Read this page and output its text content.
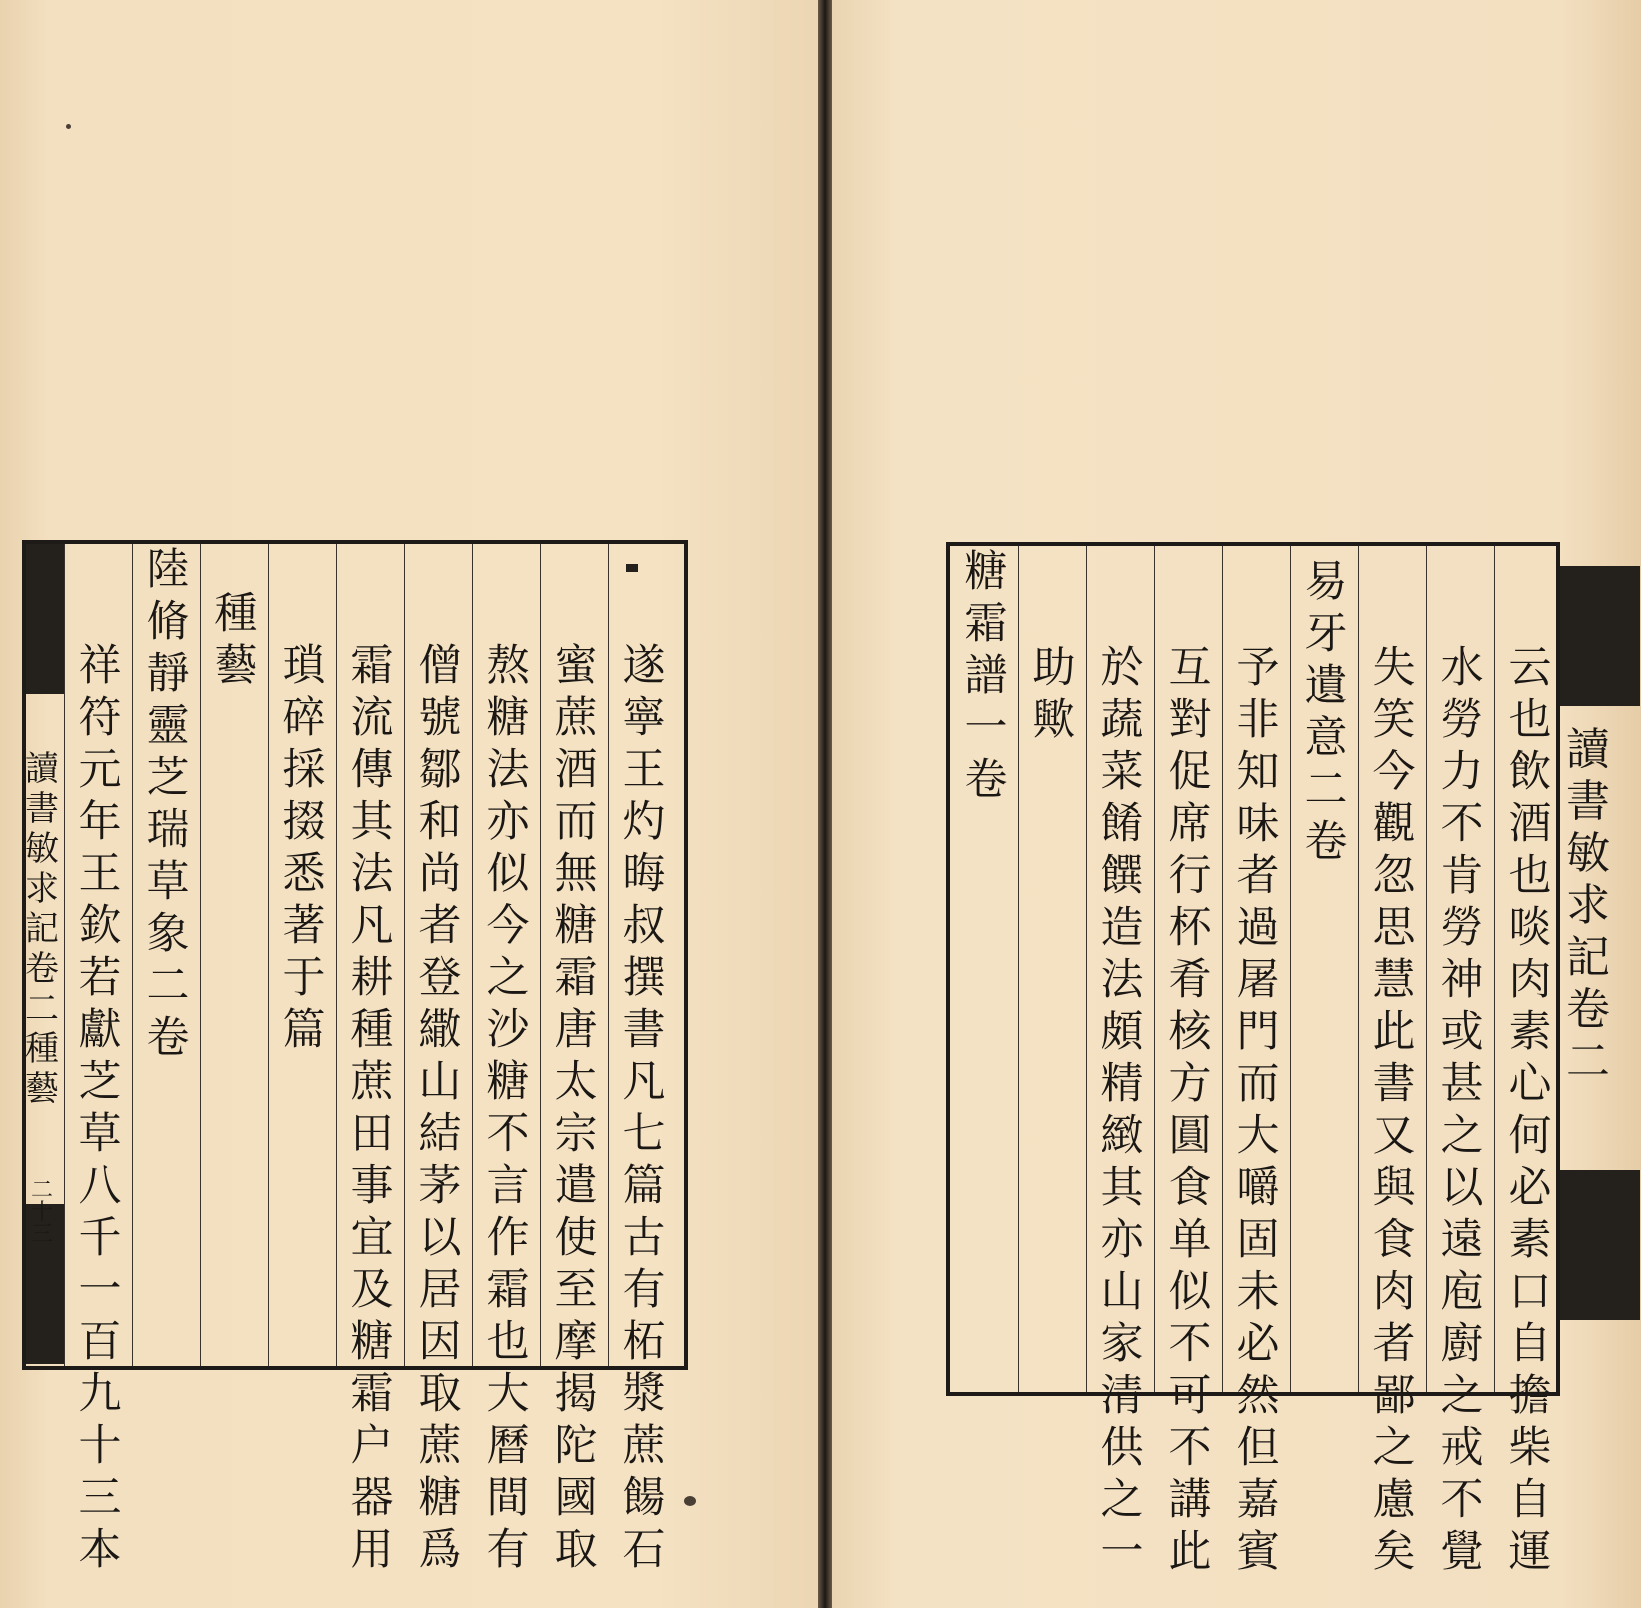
讀
書
敏
求
記
卷
二
種
藝
二
十
三
遂
寧
王
灼
晦
叔
撰
書
凡
七
篇
古
有
柘
漿
蔗
餳
石
蜜
蔗
酒
而
無
糖
霜
唐
太
宗
遣
使
至
摩
揭
陀
國
取
熬
糖
法
亦
似
今
之
沙
糖
不
言
作
霜
也
大
曆
間
有
僧
號
鄒
和
尚
者
登
繖
山
結
茅
以
居
因
取
蔗
糖
爲
霜
流
傳
其
法
凡
耕
種
蔗
田
事
宜
及
糖
霜
户
器
用
瑣
碎
採
掇
悉
著
于
篇
種
藝
陸
脩
靜
靈
芝
瑞
草
象
二
卷
祥
符
元
年
王
欽
若
獻
芝
草
八
千
一
百
九
十
三
本
讀
書
敏
求
記
卷
二
云
也
飲
酒
也
啖
肉
素
心
何
必
素
口
自
擔
柴
自
運
水
勞
力
不
肯
勞
神
或
甚
之
以
遠
庖
廚
之
戒
不
覺
失
笑
今
觀
忽
思
慧
此
書
又
與
食
肉
者
鄙
之
慮
矣
易
牙
遺
意
二
卷
予
非
知
味
者
過
屠
門
而
大
嚼
固
未
必
然
但
嘉
賓
互
對
促
席
行
杯
肴
核
方
圓
食
单
似
不
可
不
講
此
於
蔬
菜
餚
饌
造
法
頗
精
緻
其
亦
山
家
清
供
之
一
助
歟
糖
霜
譜
一
卷
